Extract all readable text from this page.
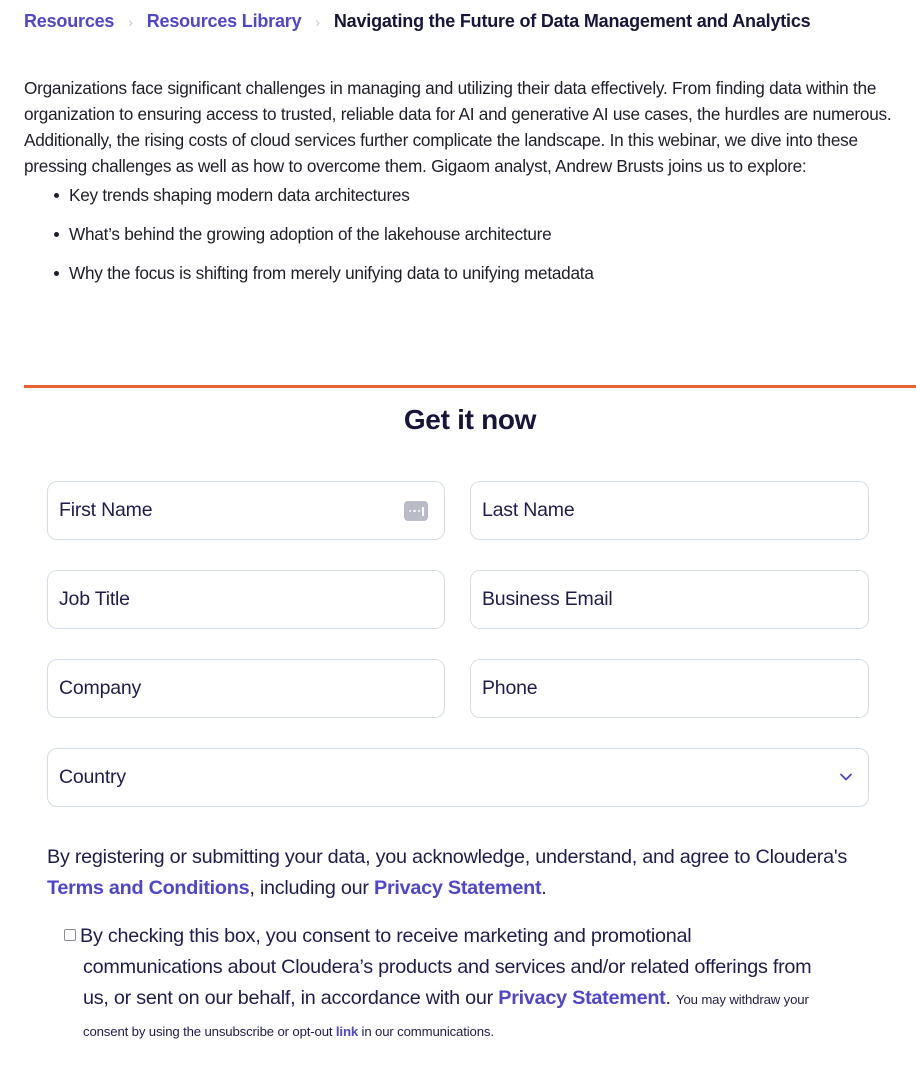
Resources › Resources Library › Navigating the Future of Data Management and Analytics

Organizations face significant challenges in managing and utilizing their data effectively. From finding data within the organization to ensuring access to trusted, reliable data for AI and generative AI use cases, the hurdles are numerous.

Additionally, the rising costs of cloud services further complicate the landscape. In this webinar, we dive into these pressing challenges as well as how to overcome them. Gigaom analyst, Andrew Brusts joins us to explore:

Key trends shaping modern data architectures
What’s behind the growing adoption of the lakehouse architecture
Why the focus is shifting from merely unifying data to unifying metadata
Get it now
First Name	Last Name
Job Title	Business Email
Company	Phone
Country

By registering or submitting your data, you acknowledge, understand, and agree to Cloudera's Terms and Conditions, including our Privacy Statement.

By checking this box, you consent to receive marketing and promotional communications about Cloudera’s products and services and/or related offerings from us, or sent on our behalf, in accordance with our Privacy Statement. You may withdraw your consent by using the unsubscribe or opt-out link in our communications.
